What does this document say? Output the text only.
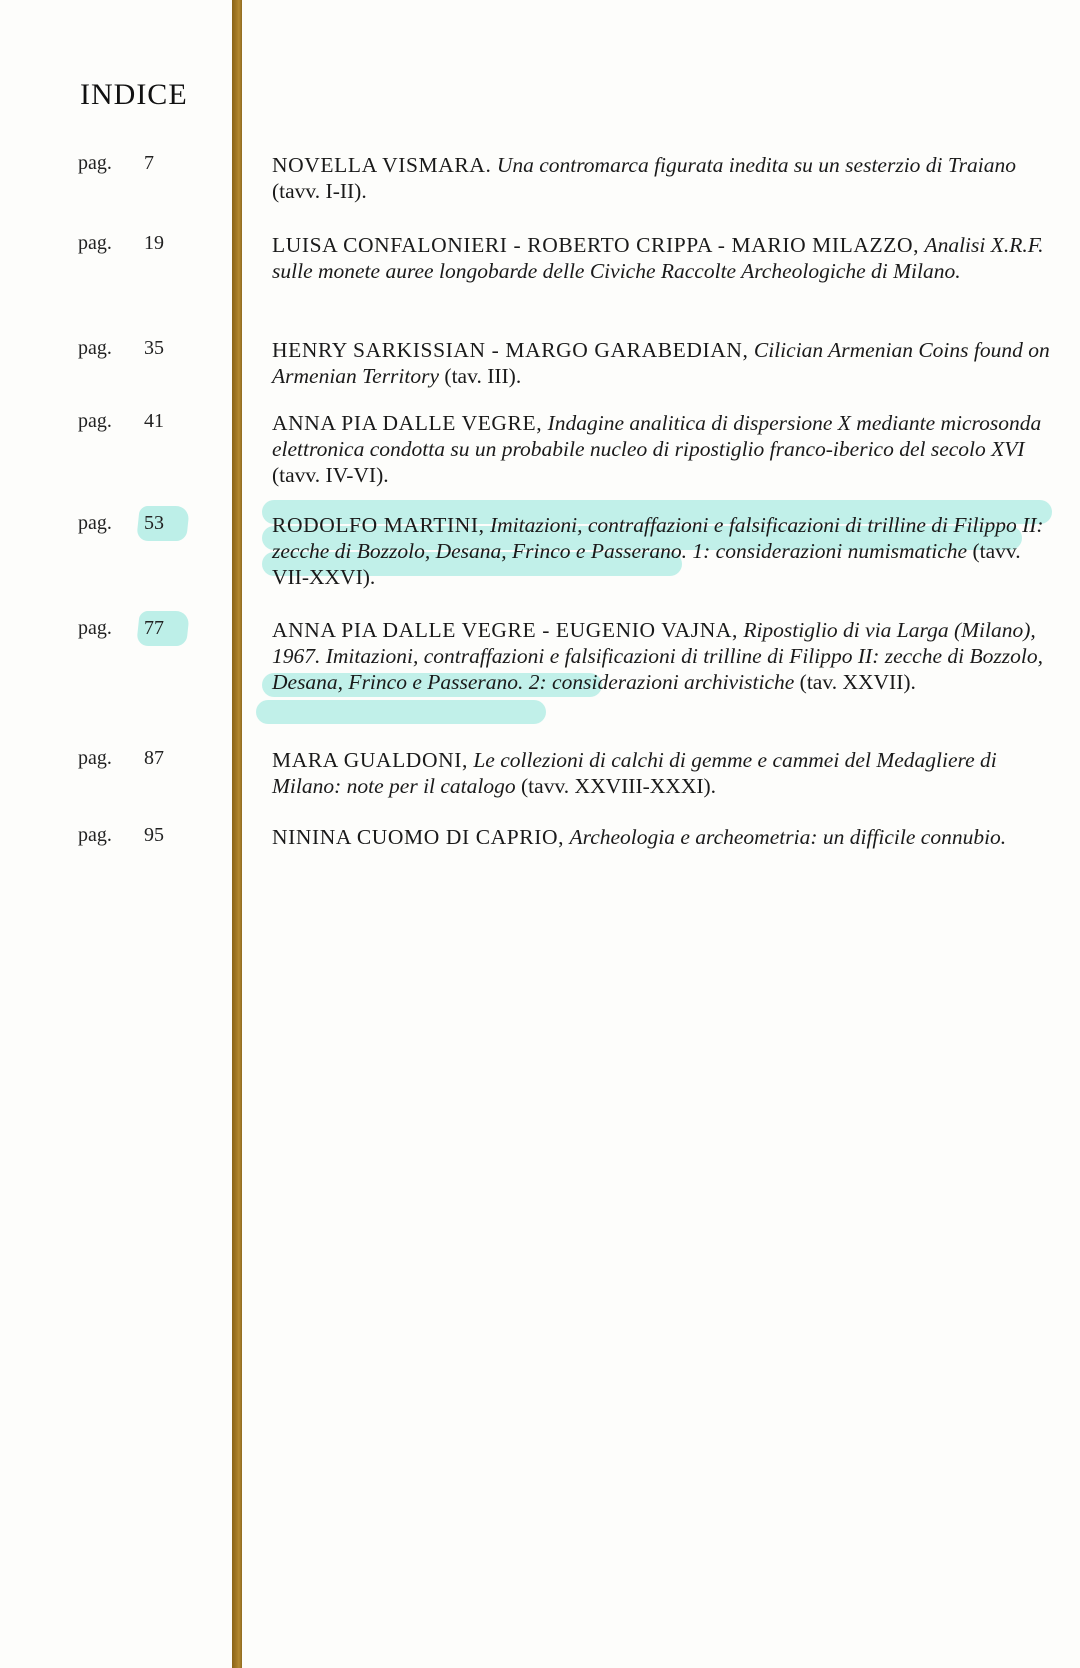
INDICE
pag. 7	NOVELLA VISMARA. Una contromarca figurata inedita su un sesterzio di Traiano (tavv. I-II).
pag. 19	LUISA CONFALONIERI - ROBERTO CRIPPA - MARIO MILAZZO, Analisi X.R.F. sulle monete auree longobarde delle Civiche Raccolte Archeologiche di Milano.
pag. 35	HENRY SARKISSIAN - MARGO GARABEDIAN, Cilician Armenian Coins found on Armenian Territory (tav. III).
pag. 41	ANNA PIA DALLE VEGRE, Indagine analitica di dispersione X mediante microsonda elettronica condotta su un probabile nucleo di ripostiglio franco-iberico del secolo XVI (tavv. IV-VI).
pag. 53	RODOLFO MARTINI, Imitazioni, contraffazioni e falsificazioni di trilline di Filippo II: zecche di Bozzolo, Desana, Frinco e Passerano. 1: considerazioni numismatiche (tavv. VII-XXVI).
pag. 77	ANNA PIA DALLE VEGRE - EUGENIO VAJNA, Ripostiglio di via Larga (Milano), 1967. Imitazioni, contraffazioni e falsificazioni di trilline di Filippo II: zecche di Bozzolo, Desana, Frinco e Passerano. 2: considerazioni archivistiche (tav. XXVII).
pag. 87	MARA GUALDONI, Le collezioni di calchi di gemme e cammei del Medagliere di Milano: note per il catalogo (tavv. XXVIII-XXXI).
pag. 95	NININA CUOMO DI CAPRIO, Archeologia e archeometria: un difficile connubio.
